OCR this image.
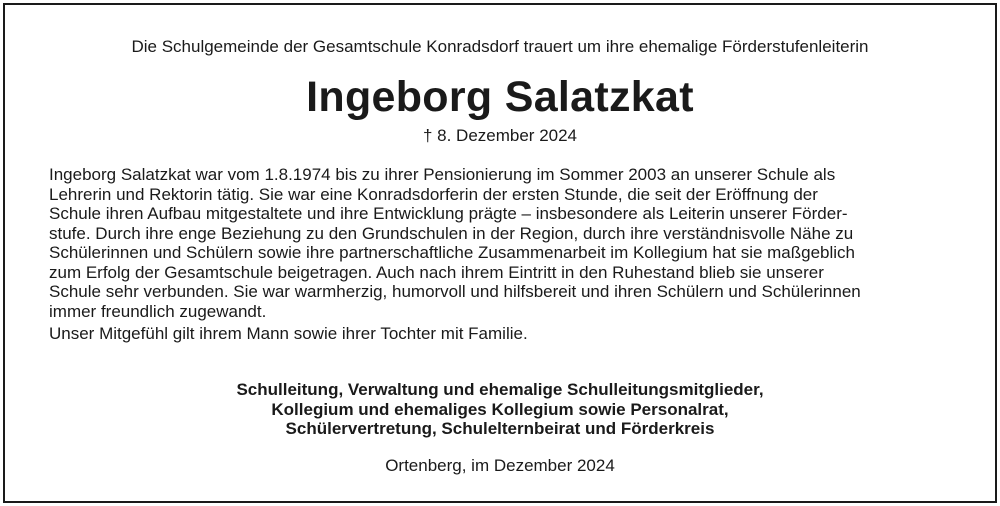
Die Schulgemeinde der Gesamtschule Konradsdorf trauert um ihre ehemalige Förderstufenleiterin
Ingeborg Salatzkat
† 8. Dezember 2024
Ingeborg Salatzkat war vom 1.8.1974 bis zu ihrer Pensionierung im Sommer 2003 an unserer Schule als
Lehrerin und Rektorin tätig. Sie war eine Konradsdorferin der ersten Stunde, die seit der Eröffnung der
Schule ihren Aufbau mitgestaltete und ihre Entwicklung prägte – insbesondere als Leiterin unserer Förder-
stufe. Durch ihre enge Beziehung zu den Grundschulen in der Region, durch ihre verständnisvolle Nähe zu
Schülerinnen und Schülern sowie ihre partnerschaftliche Zusammenarbeit im Kollegium hat sie maßgeblich
zum Erfolg der Gesamtschule beigetragen. Auch nach ihrem Eintritt in den Ruhestand blieb sie unserer
Schule sehr verbunden. Sie war warmherzig, humorvoll und hilfsbereit und ihren Schülern und Schülerinnen
immer freundlich zugewandt.
Unser Mitgefühl gilt ihrem Mann sowie ihrer Tochter mit Familie.
Schulleitung, Verwaltung und ehemalige Schulleitungsmitglieder,
Kollegium und ehemaliges Kollegium sowie Personalrat,
Schülervertretung, Schulelternbeirat und Förderkreis
Ortenberg, im Dezember 2024
